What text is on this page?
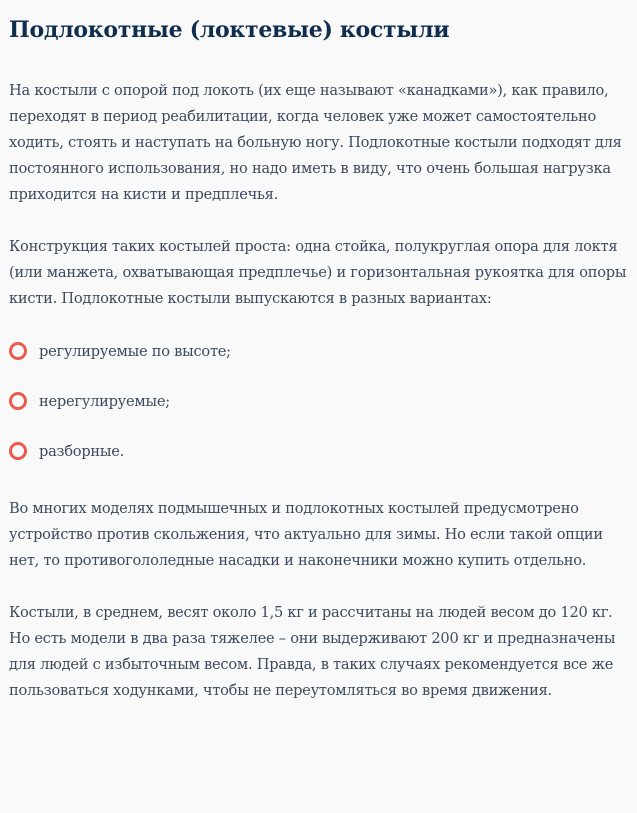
Подлокотные (локтевые) костыли

На костыли с опорой под локоть (их еще называют «канадками»), как правило, переходят в период реабилитации, когда человек уже может самостоятельно ходить, стоять и наступать на больную ногу. Подлокотные костыли подходят для постоянного использования, но надо иметь в виду, что очень большая нагрузка приходится на кисти и предплечья.

Конструкция таких костылей проста: одна стойка, полукруглая опора для локтя (или манжета, охватывающая предплечье) и горизонтальная рукоятка для опоры кисти. Подлокотные костыли выпускаются в разных вариантах:

регулируемые по высоте;
нерегулируемые;
разборные.

Во многих моделях подмышечных и подлокотных костылей предусмотрено устройство против скольжения, что актуально для зимы. Но если такой опции нет, то противогололедные насадки и наконечники можно купить отдельно.

Костыли, в среднем, весят около 1,5 кг и рассчитаны на людей весом до 120 кг. Но есть модели в два раза тяжелее – они выдерживают 200 кг и предназначены для людей с избыточным весом. Правда, в таких случаях рекомендуется все же пользоваться ходунками, чтобы не переутомляться во время движения.
